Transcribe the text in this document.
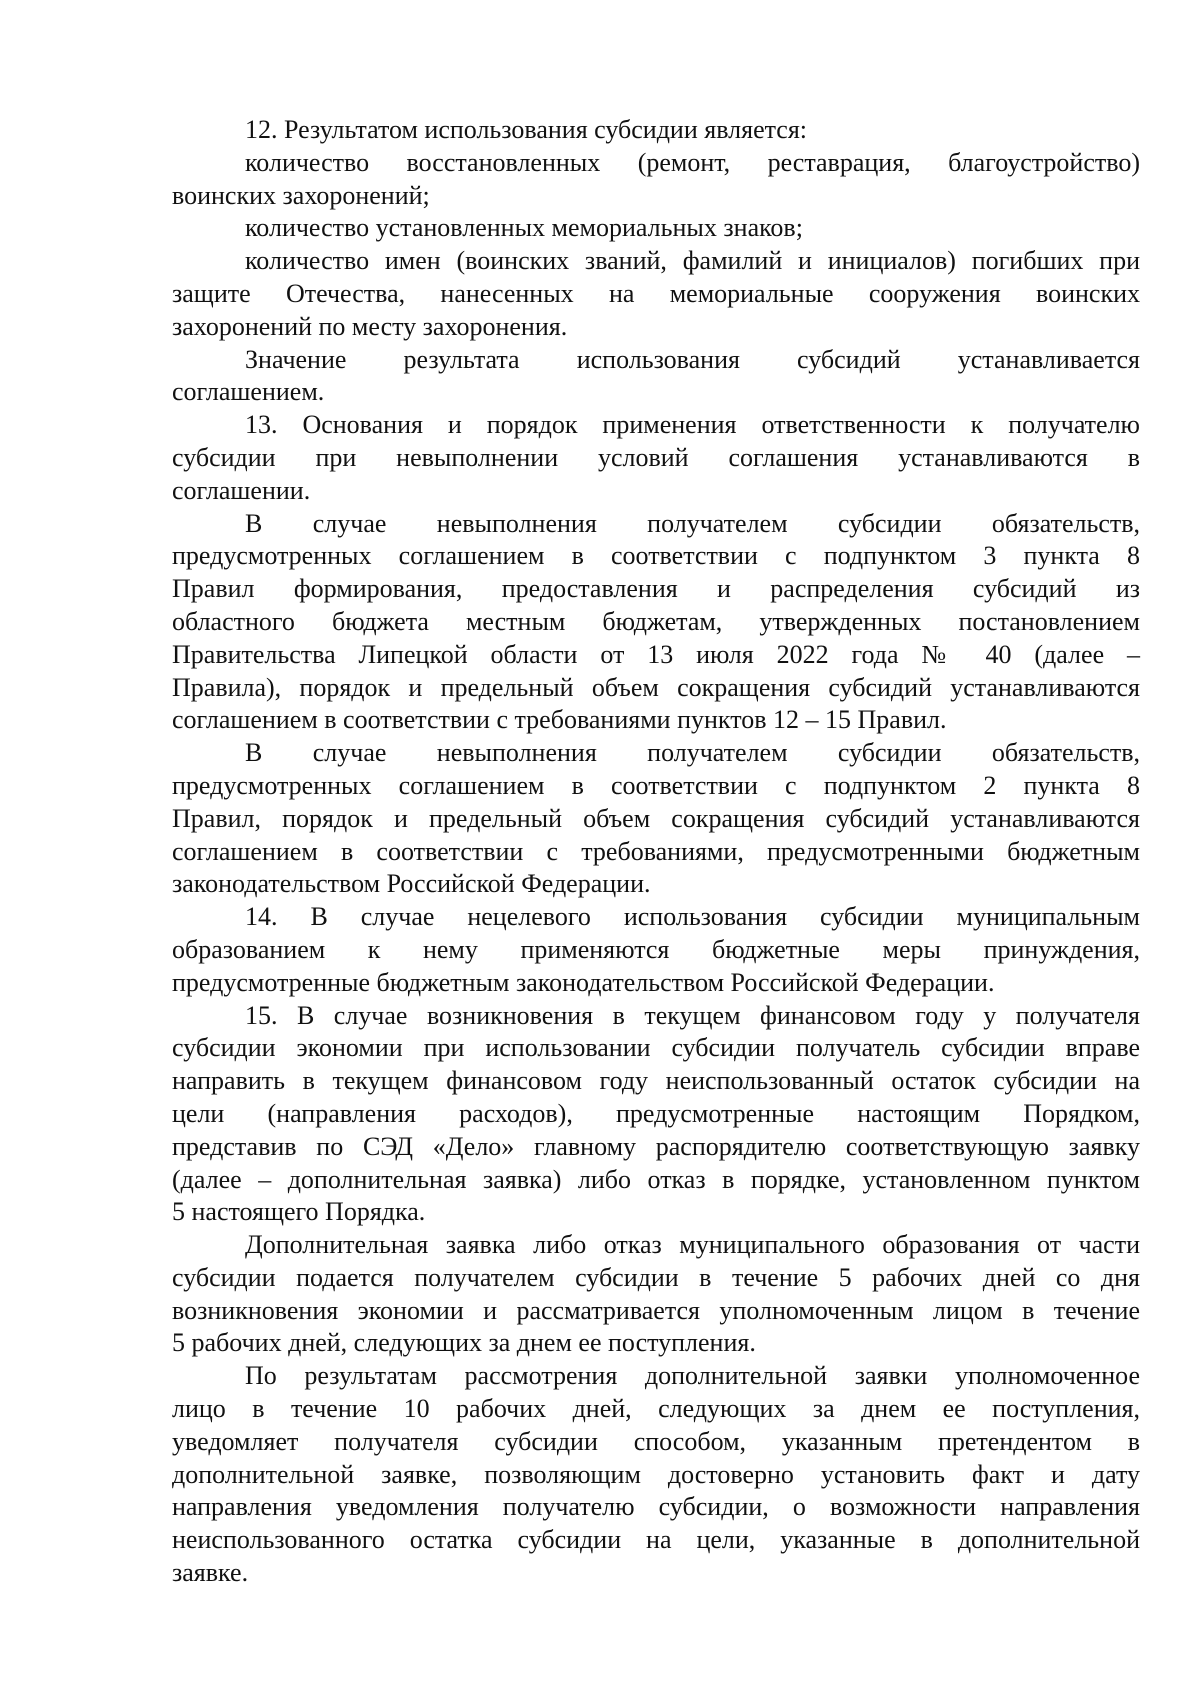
12. Результатом использования субсидии является:

количество восстановленных (ремонт, реставрация, благоустройство)
воинских захоронений;

количество установленных мемориальных знаков;

количество имен (воинских званий, фамилий и инициалов) погибших при
защите Отечества, нанесенных на мемориальные сооружения воинских
захоронений по месту захоронения.

Значение результата использования субсидий устанавливается
соглашением.

13. Основания и порядок применения ответственности к получателю
субсидии при невыполнении условий соглашения устанавливаются в
соглашении.

В случае невыполнения получателем субсидии обязательств,
предусмотренных соглашением в соответствии с подпунктом 3 пункта 8
Правил формирования, предоставления и распределения субсидий из
областного бюджета местным бюджетам, утвержденных постановлением
Правительства Липецкой области от 13 июля 2022 года № 40 (далее –
Правила), порядок и предельный объем сокращения субсидий устанавливаются
соглашением в соответствии с требованиями пунктов 12 – 15 Правил.

В случае невыполнения получателем субсидии обязательств,
предусмотренных соглашением в соответствии с подпунктом 2 пункта 8
Правил, порядок и предельный объем сокращения субсидий устанавливаются
соглашением в соответствии с требованиями, предусмотренными бюджетным
законодательством Российской Федерации.

14. В случае нецелевого использования субсидии муниципальным
образованием к нему применяются бюджетные меры принуждения,
предусмотренные бюджетным законодательством Российской Федерации.

15. В случае возникновения в текущем финансовом году у получателя
субсидии экономии при использовании субсидии получатель субсидии вправе
направить в текущем финансовом году неиспользованный остаток субсидии на
цели (направления расходов), предусмотренные настоящим Порядком,
представив по СЭД «Дело» главному распорядителю соответствующую заявку
(далее – дополнительная заявка) либо отказ в порядке, установленном пунктом
5 настоящего Порядка.

Дополнительная заявка либо отказ муниципального образования от части
субсидии подается получателем субсидии в течение 5 рабочих дней со дня
возникновения экономии и рассматривается уполномоченным лицом в течение
5 рабочих дней, следующих за днем ее поступления.

По результатам рассмотрения дополнительной заявки уполномоченное
лицо в течение 10 рабочих дней, следующих за днем ее поступления,
уведомляет получателя субсидии способом, указанным претендентом в
дополнительной заявке, позволяющим достоверно установить факт и дату
направления уведомления получателю субсидии, о возможности направления
неиспользованного остатка субсидии на цели, указанные в дополнительной
заявке.
